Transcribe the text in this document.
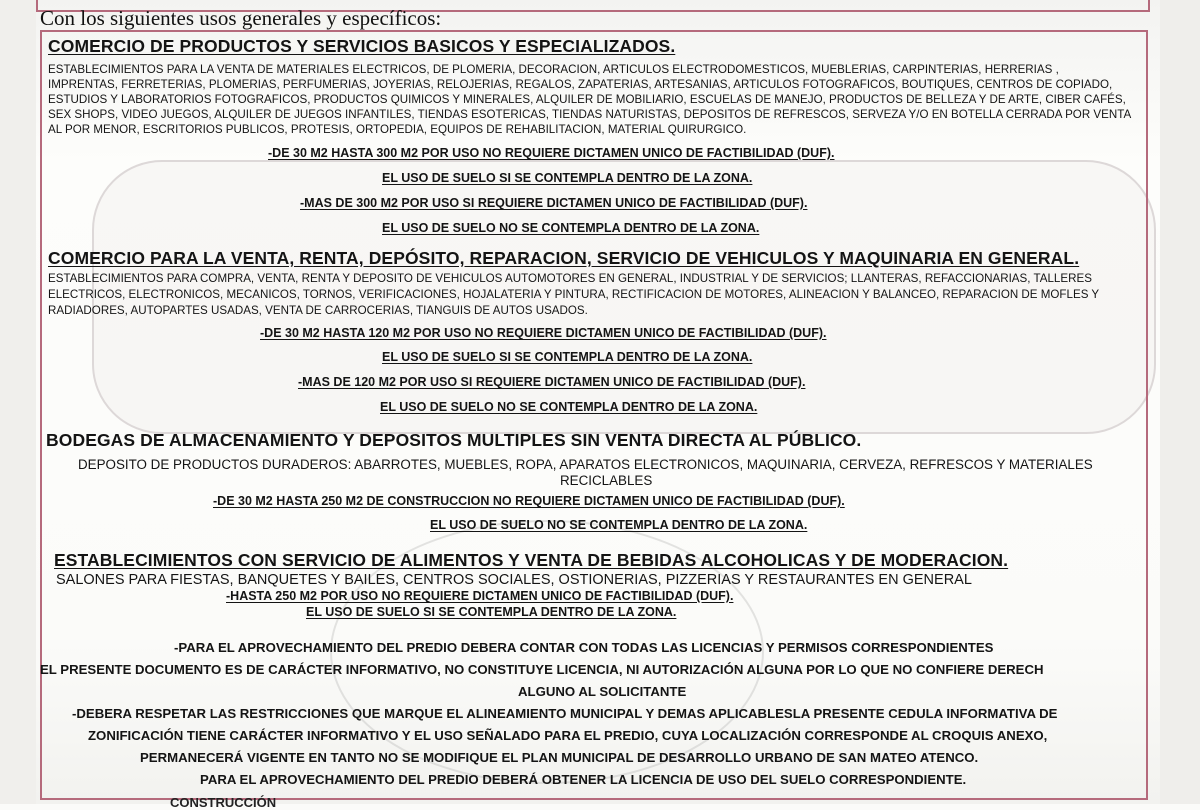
Con los siguientes usos generales y específicos:
COMERCIO DE PRODUCTOS Y SERVICIOS BASICOS Y ESPECIALIZADOS.
ESTABLECIMIENTOS PARA LA VENTA DE MATERIALES ELECTRICOS, DE PLOMERIA, DECORACION, ARTICULOS ELECTRODOMESTICOS, MUEBLERIAS, CARPINTERIAS, HERRERIAS ,
IMPRENTAS, FERRETERIAS, PLOMERIAS, PERFUMERIAS, JOYERIAS, RELOJERIAS, REGALOS, ZAPATERIAS, ARTESANIAS, ARTICULOS FOTOGRAFICOS, BOUTIQUES, CENTROS DE COPIADO,
ESTUDIOS Y LABORATORIOS FOTOGRAFICOS, PRODUCTOS QUIMICOS Y MINERALES, ALQUILER DE MOBILIARIO, ESCUELAS DE MANEJO, PRODUCTOS DE BELLEZA Y DE ARTE, CIBER CAFÉS,
SEX SHOPS, VIDEO JUEGOS, ALQUILER DE JUEGOS INFANTILES, TIENDAS ESOTERICAS, TIENDAS NATURISTAS, DEPOSITOS DE REFRESCOS, SERVEZA Y/O EN BOTELLA CERRADA POR VENTA
AL POR MENOR, ESCRITORIOS PUBLICOS, PROTESIS, ORTOPEDIA, EQUIPOS DE REHABILITACION, MATERIAL QUIRURGICO.
-DE 30 M2 HASTA 300 M2 POR USO NO REQUIERE DICTAMEN UNICO DE FACTIBILIDAD (DUF).
EL USO DE SUELO SI SE CONTEMPLA DENTRO DE LA ZONA.
-MAS DE 300 M2 POR USO SI REQUIERE DICTAMEN UNICO DE FACTIBILIDAD (DUF).
EL USO DE SUELO NO SE CONTEMPLA DENTRO DE LA ZONA.
COMERCIO PARA LA VENTA, RENTA, DEPÓSITO, REPARACION, SERVICIO DE VEHICULOS Y MAQUINARIA EN GENERAL.
ESTABLECIMIENTOS PARA COMPRA, VENTA, RENTA Y DEPOSITO DE VEHICULOS AUTOMOTORES EN GENERAL, INDUSTRIAL Y DE SERVICIOS; LLANTERAS, REFACCIONARIAS, TALLERES
ELECTRICOS, ELECTRONICOS, MECANICOS, TORNOS, VERIFICACIONES, HOJALATERIA Y PINTURA, RECTIFICACION DE MOTORES, ALINEACION Y BALANCEO, REPARACION DE MOFLES Y
RADIADORES, AUTOPARTES USADAS, VENTA DE CARROCERIAS, TIANGUIS DE AUTOS USADOS.
-DE 30 M2 HASTA 120 M2 POR USO NO REQUIERE DICTAMEN UNICO DE FACTIBILIDAD (DUF).
EL USO DE SUELO SI SE CONTEMPLA DENTRO DE LA ZONA.
-MAS DE 120 M2 POR USO SI REQUIERE DICTAMEN UNICO DE FACTIBILIDAD (DUF).
EL USO DE SUELO NO SE CONTEMPLA DENTRO DE LA ZONA.
BODEGAS DE ALMACENAMIENTO Y DEPOSITOS MULTIPLES SIN VENTA DIRECTA AL PÚBLICO.
DEPOSITO DE PRODUCTOS DURADEROS: ABARROTES, MUEBLES, ROPA, APARATOS ELECTRONICOS, MAQUINARIA, CERVEZA, REFRESCOS Y MATERIALES
RECICLABLES
-DE 30 M2 HASTA 250 M2 DE CONSTRUCCION NO REQUIERE DICTAMEN UNICO DE FACTIBILIDAD (DUF).
EL USO DE SUELO NO SE CONTEMPLA DENTRO DE LA ZONA.
ESTABLECIMIENTOS CON SERVICIO DE ALIMENTOS Y VENTA DE BEBIDAS ALCOHOLICAS Y DE MODERACION.
SALONES PARA FIESTAS, BANQUETES Y BAILES, CENTROS SOCIALES, OSTIONERIAS, PIZZERIAS Y RESTAURANTES EN GENERAL
-HASTA 250 M2 POR USO NO REQUIERE DICTAMEN UNICO DE FACTIBILIDAD (DUF).
EL USO DE SUELO SI SE CONTEMPLA DENTRO DE LA ZONA.
-PARA EL APROVECHAMIENTO DEL PREDIO DEBERA CONTAR CON TODAS LAS LICENCIAS Y PERMISOS CORRESPONDIENTES
EL PRESENTE DOCUMENTO ES DE CARÁCTER INFORMATIVO, NO CONSTITUYE LICENCIA, NI AUTORIZACIÓN ALGUNA POR LO QUE NO CONFIERE DERECH
ALGUNO AL SOLICITANTE
-DEBERA RESPETAR LAS RESTRICCIONES QUE MARQUE EL ALINEAMIENTO MUNICIPAL Y DEMAS APLICABLESLA PRESENTE CEDULA INFORMATIVA DE
ZONIFICACIÓN TIENE CARÁCTER INFORMATIVO Y EL USO SEÑALADO PARA EL PREDIO, CUYA LOCALIZACIÓN CORRESPONDE AL CROQUIS ANEXO,
PERMANECERÁ VIGENTE EN TANTO NO SE MODIFIQUE EL PLAN MUNICIPAL DE DESARROLLO URBANO DE SAN MATEO ATENCO.
PARA EL APROVECHAMIENTO DEL PREDIO DEBERÁ OBTENER LA LICENCIA DE USO DEL SUELO CORRESPONDIENTE.
CONSTRUCCIÓN
